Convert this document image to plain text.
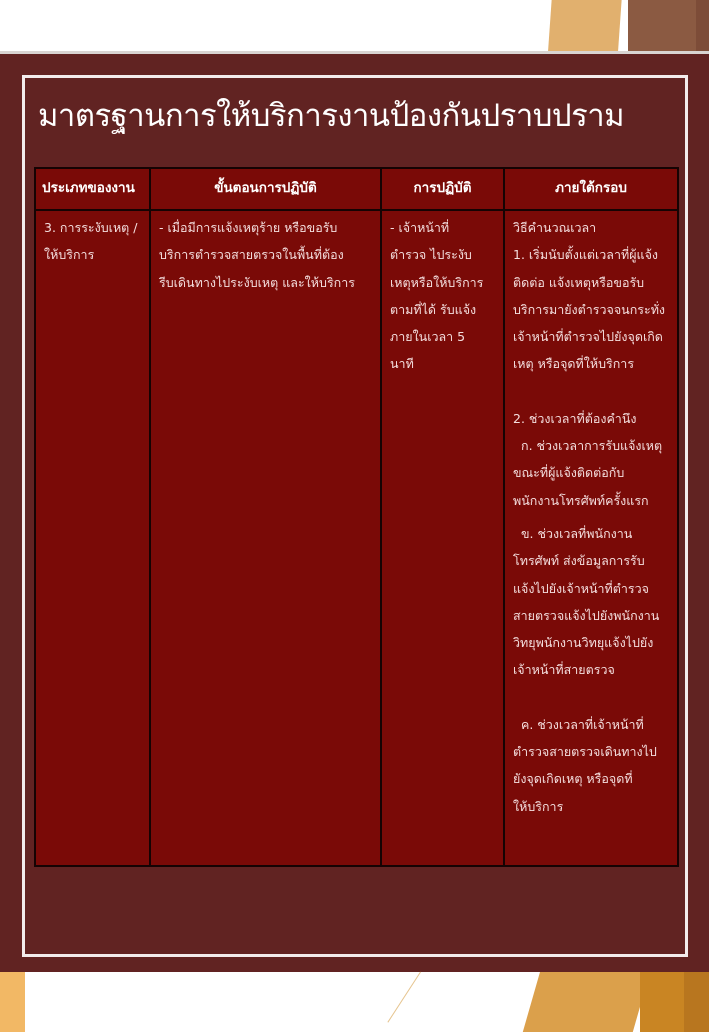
มาตรฐานการให้บริการงานป้องกันปราบปราม
ประเภทของงาน	ขั้นตอนการปฏิบัติ	การปฏิบัติ	ภายใต้กรอบ

3. การระงับเหตุ /
ให้บริการ

- เมื่อมีการแจ้งเหตุร้าย หรือขอรับ
บริการตำรวจสายตรวจในพื้นที่ต้อง
รีบเดินทางไประงับเหตุ และให้บริการ

- เจ้าหน้าที่
ตำรวจ ไประงับ
เหตุหรือให้บริการ
ตามที่ได้ รับแจ้ง
ภายในเวลา 5
นาที

วิธีคำนวณเวลา
1. เริ่มนับตั้งแต่เวลาที่ผู้แจ้ง
ติดต่อ แจ้งเหตุหรือขอรับ
บริการมายังตำรวจจนกระทั่ง
เจ้าหน้าที่ตำรวจไปยังจุดเกิด
เหตุ หรือจุดที่ให้บริการ
2. ช่วงเวลาที่ต้องคำนึง
ก. ช่วงเวลาการรับแจ้งเหตุ
ขณะที่ผู้แจ้งติดต่อกับ
พนักงานโทรศัพท์ครั้งแรก
ข. ช่วงเวลที่พนักงาน
โทรศัพท์ ส่งข้อมูลการรับ
แจ้งไปยังเจ้าหน้าที่ตำรวจ
สายตรวจแจ้งไปยังพนักงาน
วิทยุพนักงานวิทยุแจ้งไปยัง
เจ้าหน้าที่สายตรวจ
ค. ช่วงเวลาที่เจ้าหน้าที่
ตำรวจสายตรวจเดินทางไป
ยังจุดเกิดเหตุ หรือจุดที่
ให้บริการ
